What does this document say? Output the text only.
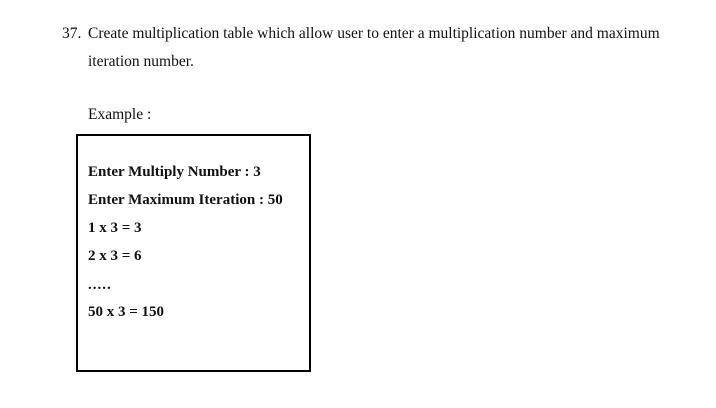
37. Create multiplication table which allow user to enter a multiplication number and maximum
iteration number.
Example :
Enter Multiply Number : 3
Enter Maximum Iteration : 50
1 x 3 = 3
2 x 3 = 6
.....
50 x 3 = 150
